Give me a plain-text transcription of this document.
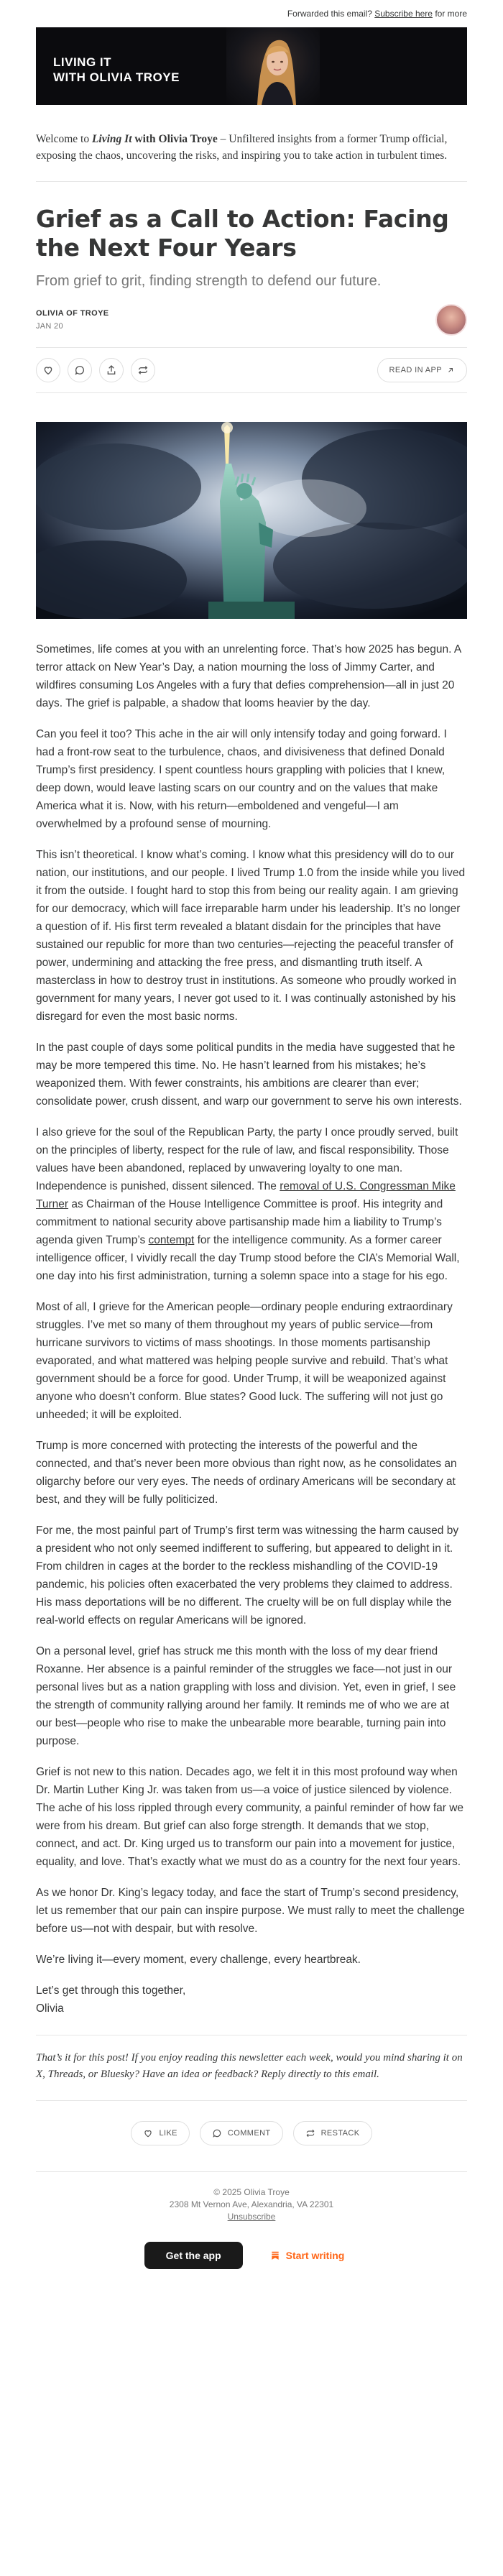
Forwarded this email? Subscribe here for more
LIVING IT
WITH OLIVIA TROYE
Welcome to Living It with Olivia Troye – Unfiltered insights from a former Trump official, exposing the chaos, uncovering the risks, and inspiring you to take action in turbulent times.
Grief as a Call to Action: Facing the Next Four Years
From grief to grit, finding strength to defend our future.
OLIVIA OF TROYE
JAN 20
READ IN APP

Sometimes, life comes at you with an unrelenting force. That’s how 2025 has begun. A terror attack on New Year’s Day, a nation mourning the loss of Jimmy Carter, and wildfires consuming Los Angeles with a fury that defies comprehension—all in just 20 days. The grief is palpable, a shadow that looms heavier by the day.

Can you feel it too? This ache in the air will only intensify today and going forward. I had a front-row seat to the turbulence, chaos, and divisiveness that defined Donald Trump’s first presidency. I spent countless hours grappling with policies that I knew, deep down, would leave lasting scars on our country and on the values that make America what it is. Now, with his return—emboldened and vengeful—I am overwhelmed by a profound sense of mourning.

This isn’t theoretical. I know what’s coming. I know what this presidency will do to our nation, our institutions, and our people. I lived Trump 1.0 from the inside while you lived it from the outside. I fought hard to stop this from being our reality again. I am grieving for our democracy, which will face irreparable harm under his leadership. It’s no longer a question of if. His first term revealed a blatant disdain for the principles that have sustained our republic for more than two centuries—rejecting the peaceful transfer of power, undermining and attacking the free press, and dismantling truth itself. A masterclass in how to destroy trust in institutions. As someone who proudly worked in government for many years, I never got used to it. I was continually astonished by his disregard for even the most basic norms.

In the past couple of days some political pundits in the media have suggested that he may be more tempered this time. No. He hasn’t learned from his mistakes; he’s weaponized them. With fewer constraints, his ambitions are clearer than ever; consolidate power, crush dissent, and warp our government to serve his own interests.

I also grieve for the soul of the Republican Party, the party I once proudly served, built on the principles of liberty, respect for the rule of law, and fiscal responsibility. Those values have been abandoned, replaced by unwavering loyalty to one man. Independence is punished, dissent silenced. The removal of U.S. Congressman Mike Turner as Chairman of the House Intelligence Committee is proof. His integrity and commitment to national security above partisanship made him a liability to Trump’s agenda given Trump’s contempt for the intelligence community. As a former career intelligence officer, I vividly recall the day Trump stood before the CIA’s Memorial Wall, one day into his first administration, turning a solemn space into a stage for his ego.

Most of all, I grieve for the American people—ordinary people enduring extraordinary struggles. I’ve met so many of them throughout my years of public service—from hurricane survivors to victims of mass shootings. In those moments partisanship evaporated, and what mattered was helping people survive and rebuild. That’s what government should be a force for good. Under Trump, it will be weaponized against anyone who doesn’t conform. Blue states? Good luck. The suffering will not just go unheeded; it will be exploited.

Trump is more concerned with protecting the interests of the powerful and the connected, and that’s never been more obvious than right now, as he consolidates an oligarchy before our very eyes. The needs of ordinary Americans will be secondary at best, and they will be fully politicized.

For me, the most painful part of Trump’s first term was witnessing the harm caused by a president who not only seemed indifferent to suffering, but appeared to delight in it. From children in cages at the border to the reckless mishandling of the COVID-19 pandemic, his policies often exacerbated the very problems they claimed to address. His mass deportations will be no different. The cruelty will be on full display while the real-world effects on regular Americans will be ignored.

On a personal level, grief has struck me this month with the loss of my dear friend Roxanne. Her absence is a painful reminder of the struggles we face—not just in our personal lives but as a nation grappling with loss and division. Yet, even in grief, I see the strength of community rallying around her family. It reminds me of who we are at our best—people who rise to make the unbearable more bearable, turning pain into purpose.

Grief is not new to this nation. Decades ago, we felt it in this most profound way when Dr. Martin Luther King Jr. was taken from us—a voice of justice silenced by violence. The ache of his loss rippled through every community, a painful reminder of how far we were from his dream. But grief can also forge strength. It demands that we stop, connect, and act. Dr. King urged us to transform our pain into a movement for justice, equality, and love. That’s exactly what we must do as a country for the next four years.

As we honor Dr. King’s legacy today, and face the start of Trump’s second presidency, let us remember that our pain can inspire purpose. We must rally to meet the challenge before us—not with despair, but with resolve.

We’re living it—every moment, every challenge, every heartbreak.

Let’s get through this together,
Olivia

That’s it for this post! If you enjoy reading this newsletter each week, would you mind sharing it on X, Threads, or Bluesky? Have an idea or feedback? Reply directly to this email.
LIKE	COMMENT	RESTACK
© 2025 Olivia Troye
2308 Mt Vernon Ave, Alexandria, VA 22301
Unsubscribe
Get the app	Start writing
